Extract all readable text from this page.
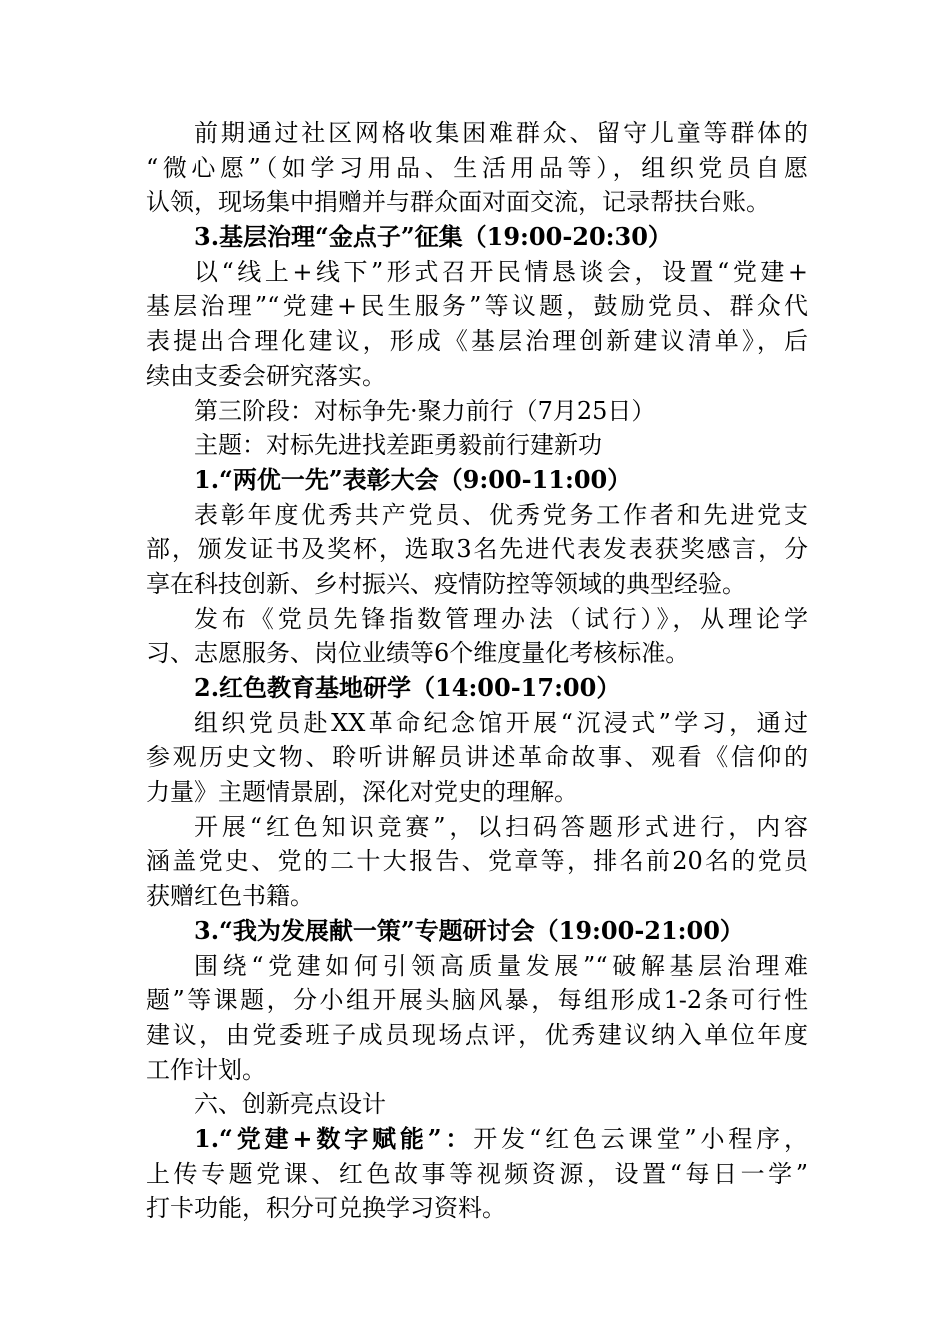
前期通过社区网格收集困难群众、留守儿童等群体的
“微心愿”（如学习用品、生活用品等），组织党员自愿
认领，现场集中捐赠并与群众面对面交流，记录帮扶台账。
3.基层治理“金点子”征集（19:00-20:30）
以“线上+线下”形式召开民情恳谈会，设置“党建+
基层治理”“党建+民生服务”等议题，鼓励党员、群众代
表提出合理化建议，形成《基层治理创新建议清单》，后
续由支委会研究落实。
第三阶段：对标争先·聚力前行（7月25日）
主题：对标先进找差距勇毅前行建新功
1.“两优一先”表彰大会（9:00-11:00）
表彰年度优秀共产党员、优秀党务工作者和先进党支
部，颁发证书及奖杯，选取3名先进代表发表获奖感言，分
享在科技创新、乡村振兴、疫情防控等领域的典型经验。
发布《党员先锋指数管理办法（试行）》，从理论学
习、志愿服务、岗位业绩等6个维度量化考核标准。
2.红色教育基地研学（14:00-17:00）
组织党员赴XX革命纪念馆开展“沉浸式”学习，通过
参观历史文物、聆听讲解员讲述革命故事、观看《信仰的
力量》主题情景剧，深化对党史的理解。
开展“红色知识竞赛”，以扫码答题形式进行，内容
涵盖党史、党的二十大报告、党章等，排名前20名的党员
获赠红色书籍。
3.“我为发展献一策”专题研讨会（19:00-21:00）
围绕“党建如何引领高质量发展”“破解基层治理难
题”等课题，分小组开展头脑风暴，每组形成1-2条可行性
建议，由党委班子成员现场点评，优秀建议纳入单位年度
工作计划。
六、创新亮点设计
1.“党建+数字赋能”：开发“红色云课堂”小程序，
上传专题党课、红色故事等视频资源，设置“每日一学”
打卡功能，积分可兑换学习资料。
